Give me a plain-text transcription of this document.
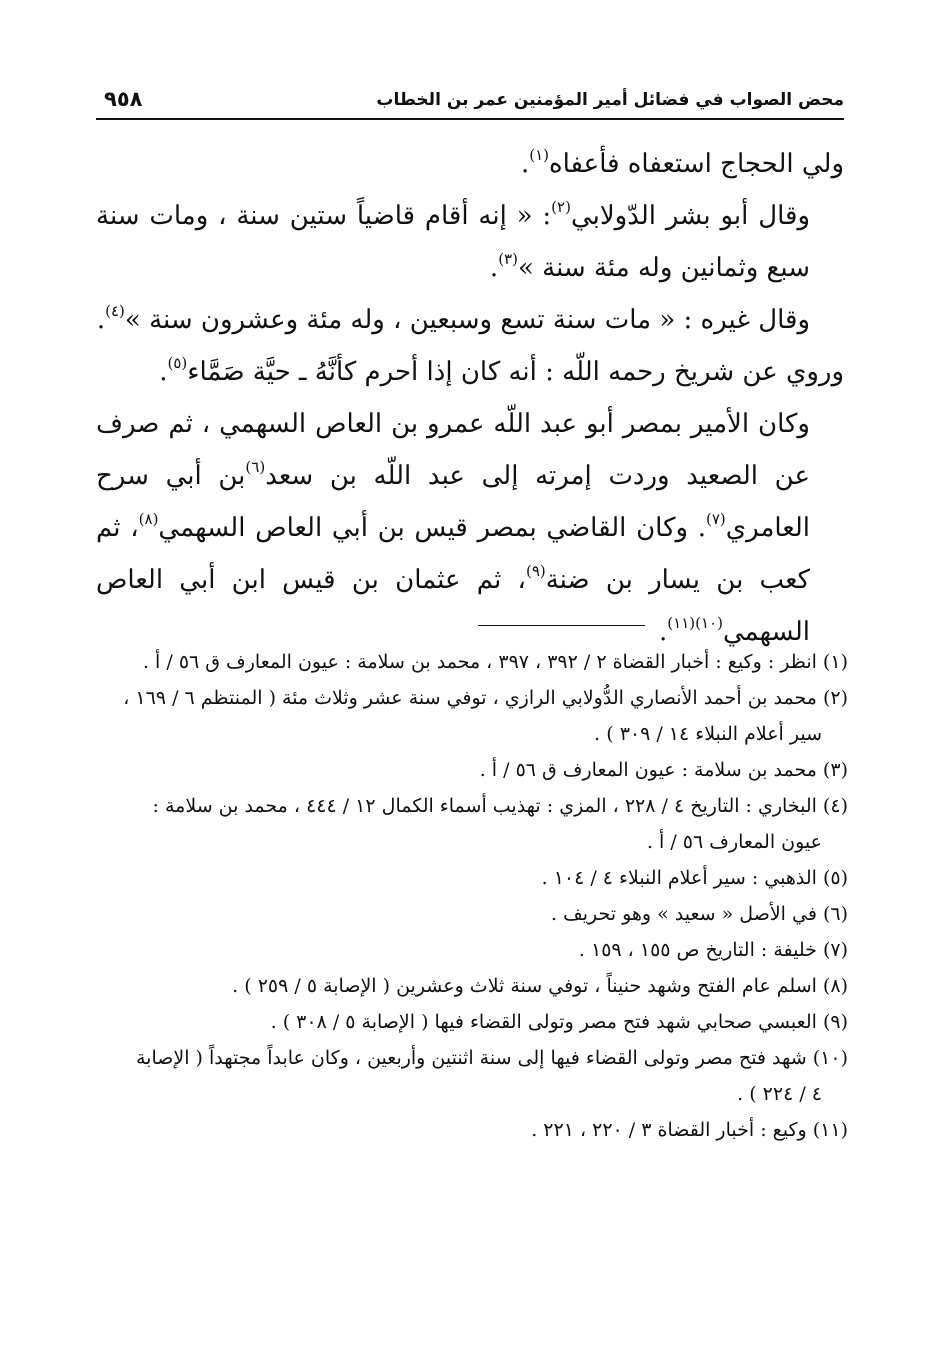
محض الصواب في فضائل أمير المؤمنين عمر بن الخطاب
٩٥٨

ولي الحجاج استعفاه فأعفاه$^{(١)}$.

وقال أبو بشر الدّولابي$^{(٢)}$: « إنه أقام قاضياً ستين سنة ، ومات سنة سبع وثمانين وله مئة سنة »$^{(٣)}$.

وقال غيره : « مات سنة تسع وسبعين ، وله مئة وعشرون سنة »$^{(٤)}$.

وروي عن شريخ رحمه اللّه : أنه كان إذا أحرم كأنَّهُ ـ حيَّة صَمَّاء$^{(٥)}$.

وكان الأمير بمصر أبو عبد اللّه عمرو بن العاص السهمي ، ثم صرف عن الصعيد وردت إمرته إلى عبد اللّه بن سعد$^{(٦)}$بن أبي سرح العامري$^{(٧)}$. وكان القاضي بمصر قيس بن أبي العاص السهمي$^{(٨)}$، ثم كعب بن يسار بن ضنة$^{(٩)}$، ثم عثمان بن قيس ابن أبي العاص السهمي$^{(١٠)(١١)}$.

(١) انظر : وكيع : أخبار القضاة ٢ / ٣٩٢ ، ٣٩٧ ، محمد بن سلامة : عيون المعارف ق ٥٦ / أ .

(٢) محمد بن أحمد الأنصاري الدُّولابي الرازي ، توفي سنة عشر وثلاث مئة ( المنتظم ٦ / ١٦٩ ،

سير أعلام النبلاء ١٤ / ٣٠٩ ) .

(٣) محمد بن سلامة : عيون المعارف ق ٥٦ / أ .

(٤) البخاري : التاريخ ٤ / ٢٢٨ ، المزي : تهذيب أسماء الكمال ١٢ / ٤٤٤ ، محمد بن سلامة :

عيون المعارف ٥٦ / أ .

(٥) الذهبي : سير أعلام النبلاء ٤ / ١٠٤ .

(٦) في الأصل « سعيد » وهو تحريف .

(٧) خليفة : التاريخ ص ١٥٥ ، ١٥٩ .

(٨) اسلم عام الفتح وشهد حنيناً ، توفي سنة ثلاث وعشرين ( الإصابة ٥ / ٢٥٩ ) .

(٩) العبسي صحابي شهد فتح مصر وتولى القضاء فيها ( الإصابة ٥ / ٣٠٨ ) .

(١٠) شهد فتح مصر وتولى القضاء فيها إلى سنة اثنتين وأربعين ، وكان عابداً مجتهداً ( الإصابة

٤ / ٢٢٤ ) .

(١١) وكيع : أخبار القضاة ٣ / ٢٢٠ ، ٢٢١ .
